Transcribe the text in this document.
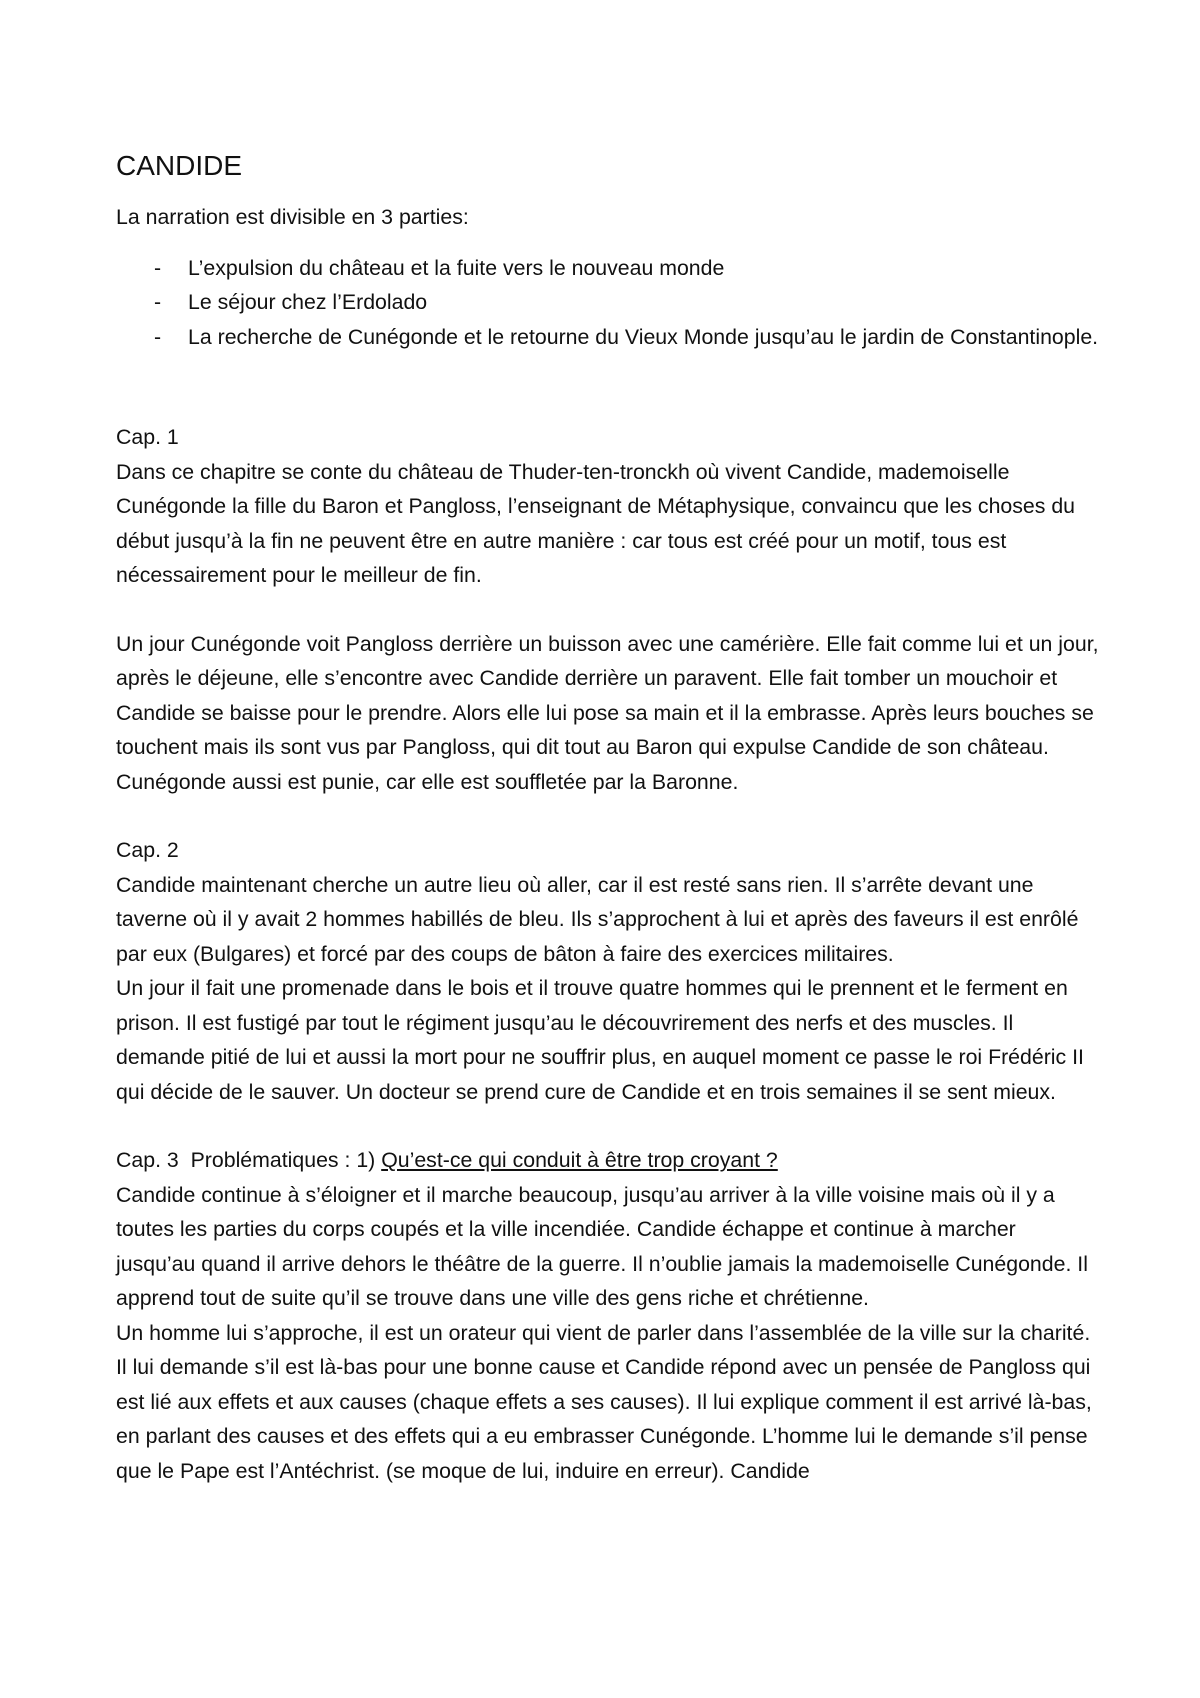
CANDIDE
La narration est divisible en 3 parties:
- L’expulsion du château et la fuite vers le nouveau monde
- Le séjour chez l’Erdolado
- La recherche de Cunégonde et le retourne du Vieux Monde jusqu’au le jardin de Constantinople.
Cap. 1
Dans ce chapitre se conte du château de Thuder-ten-tronckh où vivent Candide, mademoiselle Cunégonde la fille du Baron et Pangloss, l’enseignant de Métaphysique, convaincu que les choses du début jusqu’à la fin ne peuvent être en autre manière : car tous est créé pour un motif, tous est nécessairement pour le meilleur de fin.
Un jour Cunégonde voit Pangloss derrière un buisson avec une camérière. Elle fait comme lui et un jour, après le déjeune, elle s’encontre avec Candide derrière un paravent. Elle fait tomber un mouchoir et Candide se baisse pour le prendre. Alors elle lui pose sa main et il la embrasse. Après leurs bouches se touchent mais ils sont vus par Pangloss, qui dit tout au Baron qui expulse Candide de son château. Cunégonde aussi est punie, car elle est souffletée par la Baronne.
Cap. 2
Candide maintenant cherche un autre lieu où aller, car il est resté sans rien. Il s’arrête devant une taverne où il y avait 2 hommes habillés de bleu. Ils s’approchent à lui et après des faveurs il est enrôlé par eux (Bulgares) et forcé par des coups de bâton à faire des exercices militaires.
Un jour il fait une promenade dans le bois et il trouve quatre hommes qui le prennent et le ferment en prison. Il est fustigé par tout le régiment jusqu’au le découvrirement des nerfs et des muscles. Il demande pitié de lui et aussi la mort pour ne souffrir plus, en auquel moment ce passe le roi Frédéric II qui décide de le sauver. Un docteur se prend cure de Candide et en trois semaines il se sent mieux.
Cap. 3 Problématiques : 1) Qu’est-ce qui conduit à être trop croyant ?
Candide continue à s’éloigner et il marche beaucoup, jusqu’au arriver à la ville voisine mais où il y a toutes les parties du corps coupés et la ville incendiée. Candide échappe et continue à marcher jusqu’au quand il arrive dehors le théâtre de la guerre. Il n’oublie jamais la mademoiselle Cunégonde. Il apprend tout de suite qu’il se trouve dans une ville des gens riche et chrétienne.
Un homme lui s’approche, il est un orateur qui vient de parler dans l’assemblée de la ville sur la charité. Il lui demande s’il est là-bas pour une bonne cause et Candide répond avec un pensée de Pangloss qui est lié aux effets et aux causes (chaque effets a ses causes). Il lui explique comment il est arrivé là-bas, en parlant des causes et des effets qui a eu embrasser Cunégonde. L’homme lui le demande s’il pense que le Pape est l’Antéchrist. (se moque de lui, induire en erreur). Candide
